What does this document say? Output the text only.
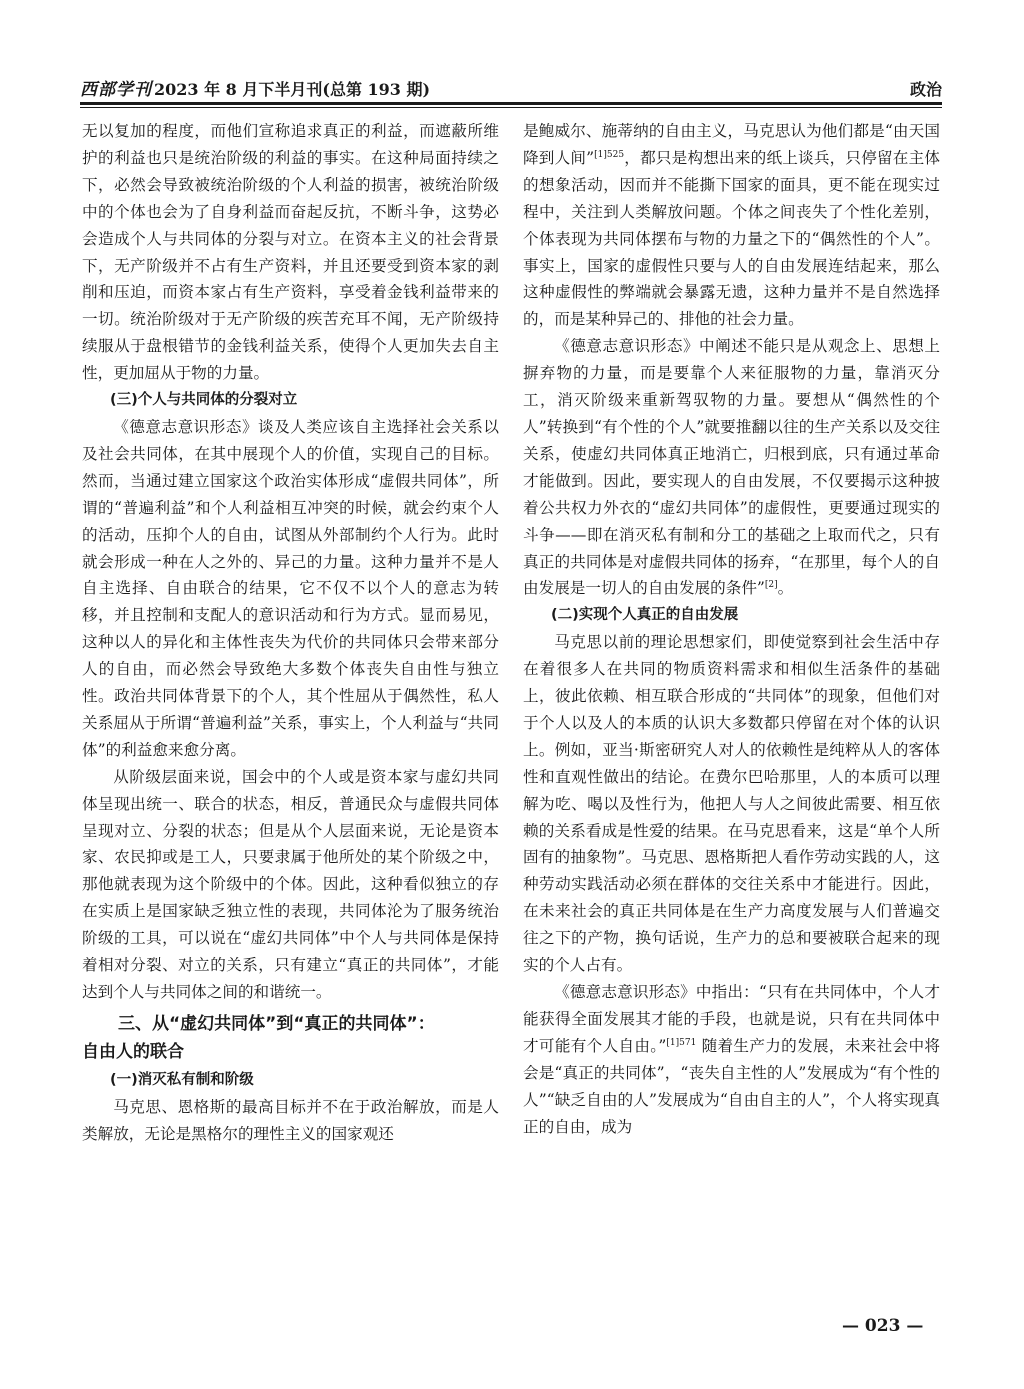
西部学刊 2023 年 8 月下半月刊(总第 193 期)	政治

无以复加的程度，而他们宣称追求真正的利益，而遮蔽所维护的利益也只是统治阶级的利益的事实。在这种局面持续之下，必然会导致被统治阶级的个人利益的损害，被统治阶级中的个体也会为了自身利益而奋起反抗，不断斗争，这势必会造成个人与共同体的分裂与对立。在资本主义的社会背景下，无产阶级并不占有生产资料，并且还要受到资本家的剥削和压迫，而资本家占有生产资料，享受着金钱利益带来的一切。统治阶级对于无产阶级的疾苦充耳不闻，无产阶级持续服从于盘根错节的金钱利益关系，使得个人更加失去自主性，更加屈从于物的力量。

(三)个人与共同体的分裂对立

《德意志意识形态》谈及人类应该自主选择社会关系以及社会共同体，在其中展现个人的价值，实现自己的目标。然而，当通过建立国家这个政治实体形成“虚假共同体”，所谓的“普遍利益”和个人利益相互冲突的时候，就会约束个人的活动，压抑个人的自由，试图从外部制约个人行为。此时就会形成一种在人之外的、异己的力量。这种力量并不是人自主选择、自由联合的结果，它不仅不以个人的意志为转移，并且控制和支配人的意识活动和行为方式。显而易见，这种以人的异化和主体性丧失为代价的共同体只会带来部分人的自由，而必然会导致绝大多数个体丧失自由性与独立性。政治共同体背景下的个人，其个性屈从于偶然性，私人关系屈从于所谓“普遍利益”关系，事实上，个人利益与“共同体”的利益愈来愈分离。

从阶级层面来说，国会中的个人或是资本家与虚幻共同体呈现出统一、联合的状态，相反，普通民众与虚假共同体呈现对立、分裂的状态；但是从个人层面来说，无论是资本家、农民抑或是工人，只要隶属于他所处的某个阶级之中，那他就表现为这个阶级中的个体。因此，这种看似独立的存在实质上是国家缺乏独立性的表现，共同体沦为了服务统治阶级的工具，可以说在“虚幻共同体”中个人与共同体是保持着相对分裂、对立的关系，只有建立“真正的共同体”，才能达到个人与共同体之间的和谐统一。

三、从“虚幻共同体”到“真正的共同体”：
自由人的联合
(一)消灭私有制和阶级

马克思、恩格斯的最高目标并不在于政治解放，而是人类解放，无论是黑格尔的理性主义的国家观还

是鲍威尔、施蒂纳的自由主义，马克思认为他们都是“由天国降到人间”$^{[1]525}$，都只是构想出来的纸上谈兵，只停留在主体的想象活动，因而并不能撕下国家的面具，更不能在现实过程中，关注到人类解放问题。个体之间丧失了个性化差别，个体表现为共同体摆布与物的力量之下的“偶然性的个人”。事实上，国家的虚假性只要与人的自由发展连结起来，那么这种虚假性的弊端就会暴露无遗，这种力量并不是自然选择的，而是某种异己的、排他的社会力量。

《德意志意识形态》中阐述不能只是从观念上、思想上摒弃物的力量，而是要靠个人来征服物的力量，靠消灭分工，消灭阶级来重新驾驭物的力量。要想从“偶然性的个人”转换到“有个性的个人”就要推翻以往的生产关系以及交往关系，使虚幻共同体真正地消亡，归根到底，只有通过革命才能做到。因此，要实现人的自由发展，不仅要揭示这种披着公共权力外衣的“虚幻共同体”的虚假性，更要通过现实的斗争——即在消灭私有制和分工的基础之上取而代之，只有真正的共同体是对虚假共同体的扬弃，“在那里，每个人的自由发展是一切人的自由发展的条件”[2]。

(二)实现个人真正的自由发展

马克思以前的理论思想家们，即使觉察到社会生活中存在着很多人在共同的物质资料需求和相似生活条件的基础上，彼此依赖、相互联合形成的“共同体”的现象，但他们对于个人以及人的本质的认识大多数都只停留在对个体的认识上。例如，亚当·斯密研究人对人的依赖性是纯粹从人的客体性和直观性做出的结论。在费尔巴哈那里，人的本质可以理解为吃、喝以及性行为，他把人与人之间彼此需要、相互依赖的关系看成是性爱的结果。在马克思看来，这是“单个人所固有的抽象物”。马克思、恩格斯把人看作劳动实践的人，这种劳动实践活动必须在群体的交往关系中才能进行。因此，在未来社会的真正共同体是在生产力高度发展与人们普遍交往之下的产物，换句话说，生产力的总和要被联合起来的现实的个人占有。

《德意志意识形态》中指出：“只有在共同体中，个人才能获得全面发展其才能的手段，也就是说，只有在共同体中才可能有个人自由。”$^{[1]571}$ 随着生产力的发展，未来社会中将会是“真正的共同体”，“丧失自主性的人”发展成为“有个性的人”“缺乏自由的人”发展成为“自由自主的人”，个人将实现真正的自由，成为

— 023 —
